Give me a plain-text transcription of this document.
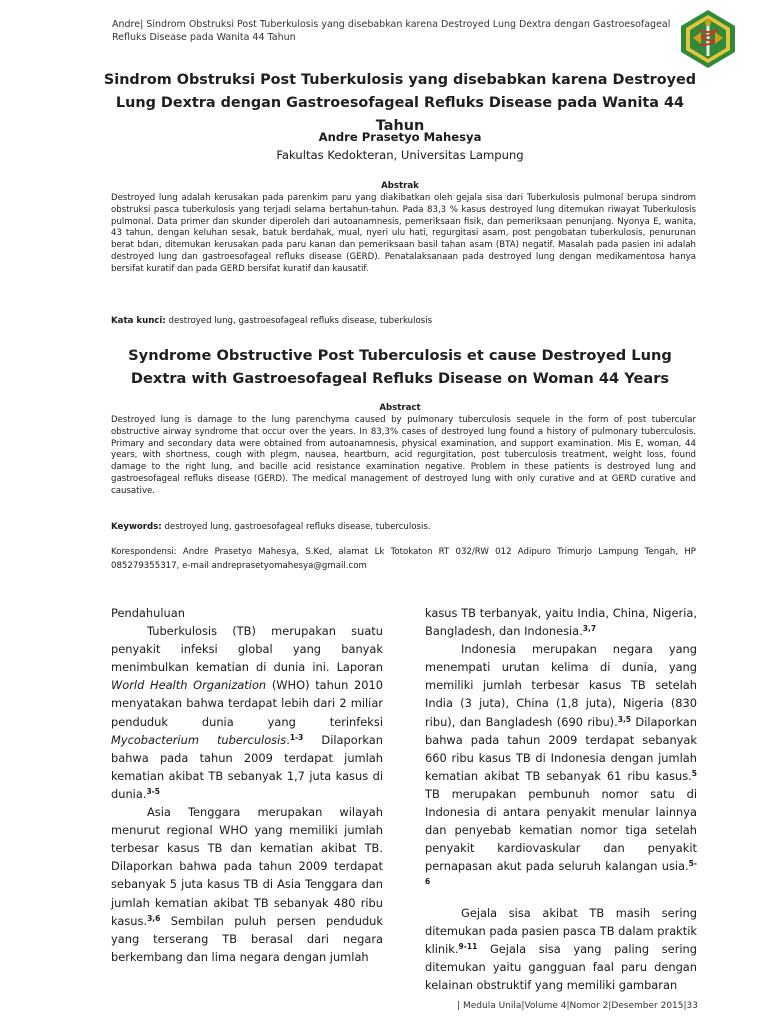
Andre| Sindrom Obstruksi Post Tuberkulosis yang disebabkan karena Destroyed Lung Dextra dengan Gastroesofageal Refluks Disease pada Wanita 44 Tahun
Sindrom Obstruksi Post Tuberkulosis yang disebabkan karena Destroyed Lung Dextra dengan Gastroesofageal Refluks Disease pada Wanita 44 Tahun
Andre Prasetyo Mahesya
Fakultas Kedokteran, Universitas Lampung
Abstrak
Destroyed lung adalah kerusakan pada parenkim paru yang diakibatkan oleh gejala sisa dari Tuberkulosis pulmonal berupa sindrom obstruksi pasca tuberkulosis yang terjadi selama bertahun-tahun. Pada 83,3 % kasus destroyed lung ditemukan riwayat Tuberkulosis pulmonal. Data primer dan skunder diperoleh dari autoanamnesis, pemeriksaan fisik, dan pemeriksaan penunjang. Nyonya E, wanita, 43 tahun, dengan keluhan sesak, batuk berdahak, mual, nyeri ulu hati, regurgitasi asam, post pengobatan tuberkulosis, penurunan berat bdan, ditemukan kerusakan pada paru kanan dan pemeriksaan basil tahan asam (BTA) negatif. Masalah pada pasien ini adalah destroyed lung dan gastroesofageal refluks disease (GERD). Penatalaksanaan pada destroyed lung dengan medikamentosa hanya bersifat kuratif dan pada GERD bersifat kuratif dan kausatif.
Kata kunci: destroyed lung, gastroesofageal refluks disease, tuberkulosis
Syndrome Obstructive Post Tuberculosis et cause Destroyed Lung Dextra with Gastroesofageal Refluks Disease on Woman 44 Years
Abstract
Destroyed lung is damage to the lung parenchyma caused by pulmonary tuberculosis sequele in the form of post tubercular obstructive airway syndrome that occur over the years. In 83,3% cases of destroyed lung found a history of pulmonary tuberculosis. Primary and secondary data were obtained from autoanamnesis, physical examination, and support examination. Mis E, woman, 44 years, with shortness, cough with plegm, nausea, heartburn, acid regurgitation, post tuberculosis treatment, weight loss, found damage to the right lung, and bacille acid resistance examination negative. Problem in these patients is destroyed lung and gastroesofageal refluks disease (GERD). The medical management of destroyed lung with only curative and at GERD curative and causative.
Keywords: destroyed lung, gastroesofageal refluks disease, tuberculosis.
Korespondensi: Andre Prasetyo Mahesya, S.Ked, alamat Lk Totokaton RT 032/RW 012 Adipuro Trimurjo Lampung Tengah, HP 085279355317, e-mail andreprasetyomahesya@gmail.com

Pendahuluan

Tuberkulosis (TB) merupakan suatu penyakit infeksi global yang banyak menimbulkan kematian di dunia ini. Laporan World Health Organization (WHO) tahun 2010 menyatakan bahwa terdapat lebih dari 2 miliar penduduk dunia yang terinfeksi Mycobacterium tuberculosis.$^{1-3}$ Dilaporkan bahwa pada tahun 2009 terdapat jumlah kematian akibat TB sebanyak 1,7 juta kasus di dunia.$^{3-5}$

Asia Tenggara merupakan wilayah menurut regional WHO yang memiliki jumlah terbesar kasus TB dan kematian akibat TB. Dilaporkan bahwa pada tahun 2009 terdapat sebanyak 5 juta kasus TB di Asia Tenggara dan jumlah kematian akibat TB sebanyak 480 ribu kasus.$^{3,6}$ Sembilan puluh persen penduduk yang terserang TB berasal dari negara berkembang dan lima negara dengan jumlah

kasus TB terbanyak, yaitu India, China, Nigeria, Bangladesh, dan Indonesia.$^{3,7}$

Indonesia merupakan negara yang menempati urutan kelima di dunia, yang memiliki jumlah terbesar kasus TB setelah India (3 juta), China (1,8 juta), Nigeria (830 ribu), dan Bangladesh (690 ribu).$^{3,5}$ Dilaporkan bahwa pada tahun 2009 terdapat sebanyak 660 ribu kasus TB di Indonesia dengan jumlah kematian akibat TB sebanyak 61 ribu kasus.$^5$ TB merupakan pembunuh nomor satu di Indonesia di antara penyakit menular lainnya dan penyebab kematian nomor tiga setelah penyakit kardiovaskular dan penyakit pernapasan akut pada seluruh kalangan usia.$^{5-6}$

Gejala sisa akibat TB masih sering ditemukan pada pasien pasca TB dalam praktik klinik.$^{9-11}$ Gejala sisa yang paling sering ditemukan yaitu gangguan faal paru dengan kelainan obstruktif yang memiliki gambaran

| Medula Unila|Volume 4|Nomor 2|Desember 2015|33
